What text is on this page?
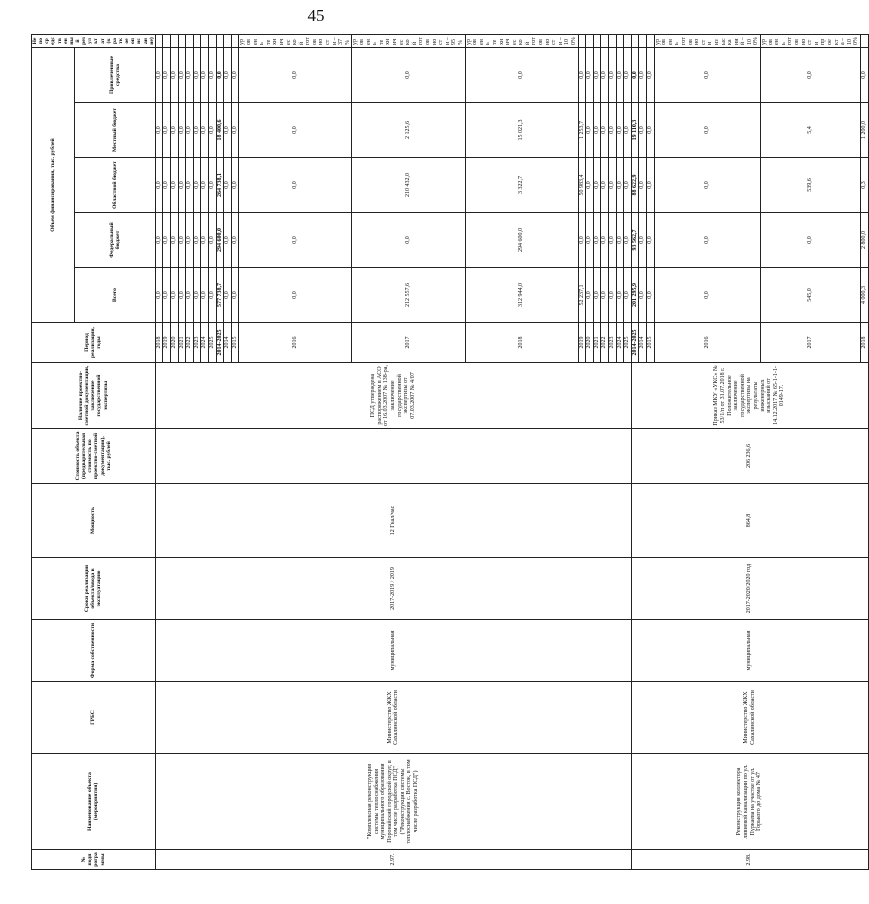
45
№ подпрограммы	Наименование объекта (мероприятия)	ГРБС	Форма собственности	Сроки реализации объекта/ввода в эксплуатацию	Мощность	Стоимость объекта (предварительная стоимость по проектно-сметной документации), тыс. рублей	Наличие проектно-сметной документации, заключение государственной экспертизы	Период реализации, годы	Объем финансирования, тыс. рублей					Непосредственный результат (краткое описание)
									Всего	Федеральный бюджет	Областной бюджет	Местный бюджет	Привлеченные средства	
2.97.	"Комплексная реконструкция системы теплоснабжения муниципального образования Поронайский городской округ, в том числе разработка ПСД" ("Реконструкция системы теплоснабжения с. Восток, в том числе разработка ПСД")	Министерство ЖКХ Сахалинской области	муниципальная	2017-2019 / 2019	12 Гкал/час		ПСД утверждена распоряжением в АСО от 16.03.2007 № 138-ра, заключение государственной экспертизы от 07.03.2007 № 4/07	2018	0,0	0,0	0,0	0,0	0,0	
								2019	0,0	0,0	0,0	0,0	0,0	
								2020	0,0	0,0	0,0	0,0	0,0	
								2021	0,0	0,0	0,0	0,0	0,0	
								2022	0,0	0,0	0,0	0,0	0,0	
								2023	0,0	0,0	0,0	0,0	0,0	
								2024	0,0	0,0	0,0	0,0	0,0	
								2025	0,0	0,0	0,0	0,0	0,0	
								2014-2025	577 738,7	294 600,0	264 738,1	18 400,6	0,0	
								2014	0,0	0,0	0,0	0,0	0,0	
								2015	0,0	0,0	0,0	0,0	0,0	
								2016	0,0	0,0	0,0	0,0	0,0	уровень технической готовности – 37%
								2017	212 557,6	0,0	210 432,0	2 125,6	0,0	уровень технической готовности – 95%
								2018	312 944,0	294 600,0	3 322,7	15 021,3	0,0	уровень технической готовности – 100%
								2019	52 237,1	0,0	50 983,4	1 253,7	0,0	
								2020	0,0	0,0	0,0	0,0	0,0	
								2021	0,0	0,0	0,0	0,0	0,0	
								2022	0,0	0,0	0,0	0,0	0,0	
								2023	0,0	0,0	0,0	0,0	0,0	
								2024	0,0	0,0	0,0	0,0	0,0	
								2025	0,0	0,0	0,0	0,0	0,0	
2.98.	Реконструкция коллектора ливневой канализации по ул. Пуркаева на участке от ул. Горького до дома № 47	Министерство ЖКХ Сахалинской области	муниципальная	2017-2020/2020 год	864,8	206 236,6	Приказ МКУ «УКС» № 53/1/п от 31.07.2018 г. Положительное заключение государственной экспертизы на результаты инженерных изысканий от 14.12.2017 № 65-1-1-1-0149-17.	2014-2025	201 295,9	93 562,7	88 622,9	19 110,3	0,0	
								2014	0,0	0,0	0,0	0,0	0,0	
								2015	0,0	0,0	0,0	0,0	0,0	
								2016	0,0	0,0	0,0	0,0	0,0	уровень готовности изысканий – 100%
								2017	545,0	0,0	539,6	5,4	0,0	уровень готовности проекта – 100%
								2018	4 000,3	2 800,0	0,3	1 200,0	0,0	
